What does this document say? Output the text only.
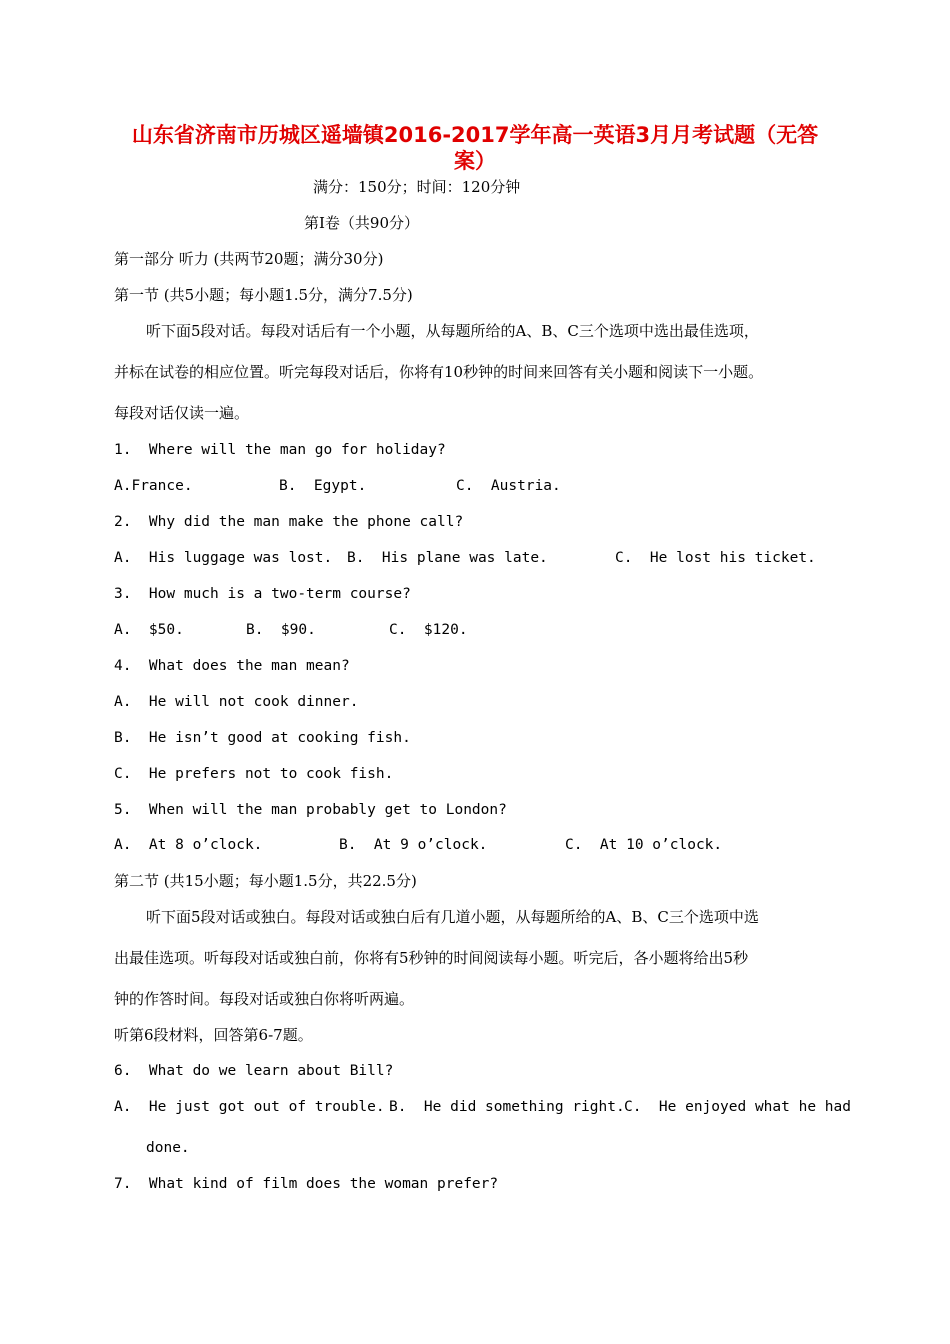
山东省济南市历城区遥墙镇2016-2017学年高一英语3月月考试题（无答
案）
满分：150分；时间：120分钟
第Ⅰ卷（共90分）
第一部分 听力 (共两节20题；满分30分)
第一节 (共5小题；每小题1.5分，满分7.5分)
听下面5段对话。每段对话后有一个小题，从每题所给的A、B、C三个选项中选出最佳选项，
并标在试卷的相应位置。听完每段对话后，你将有10秒钟的时间来回答有关小题和阅读下一小题。
每段对话仅读一遍。
1.  Where will the man go for holiday?
A.France.	B.  Egypt.	C.  Austria.
2.  Why did the man make the phone call?
A.  His luggage was lost. B.  His plane was late.	C.  He lost his ticket.
3.  How much is a two-term course?
A.  $50.	B.  $90.	C.  $120.
4.  What does the man mean?
A.  He will not cook dinner.
B.  He isn’t good at cooking fish.
C.  He prefers not to cook fish.
5.  When will the man probably get to London?
A.  At 8 o’clock.	B.  At 9 o’clock.	C.  At 10 o’clock.
第二节 (共15小题；每小题1.5分，共22.5分)
听下面5段对话或独白。每段对话或独白后有几道小题，从每题所给的A、B、C三个选项中选
出最佳选项。听每段对话或独白前，你将有5秒钟的时间阅读每小题。听完后，各小题将给出5秒
钟的作答时间。每段对话或独白你将听两遍。
听第6段材料，回答第6-7题。
6.  What do we learn about Bill?
A.  He just got out of trouble. B.  He did something right. C.  He enjoyed what he had
done.
7.  What kind of film does the woman prefer?
